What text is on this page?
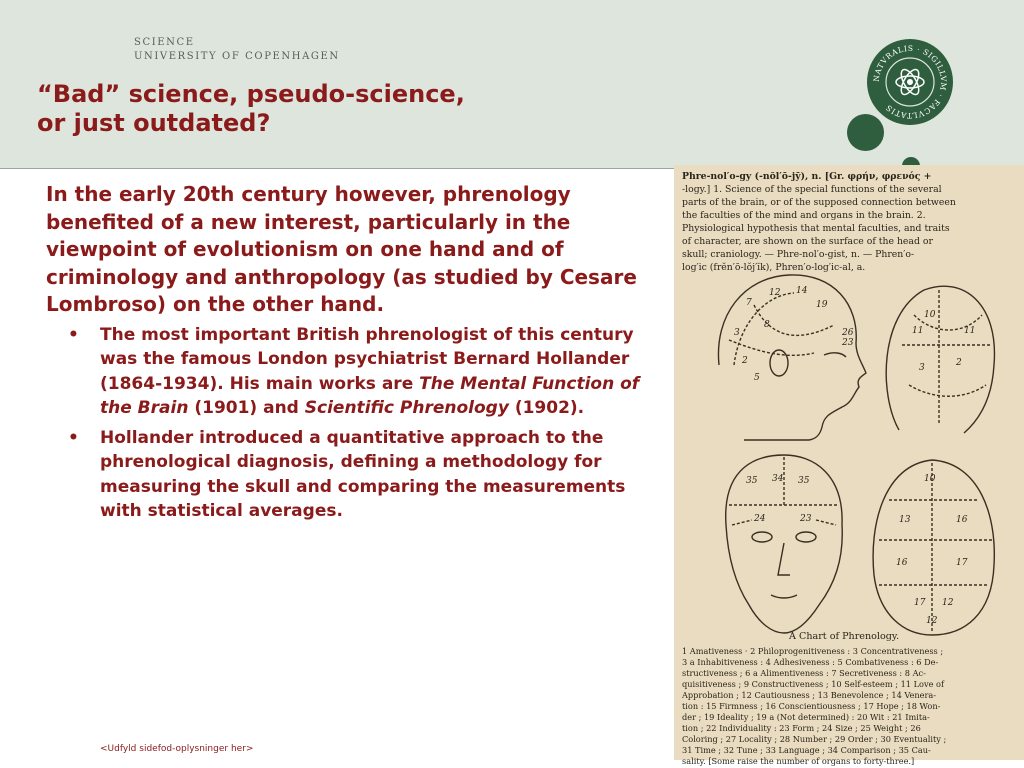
SCIENCE
UNIVERSITY OF COPENHAGEN
“Bad” science, pseudo-science,
or just outdated?
NATVRALIS · SIGILLVM · FACVLTATIS

In the early 20th century however, phrenology benefited of a new interest, particularly in the viewpoint of evolutionism on one hand and of criminology and anthropology (as studied by Cesare Lombroso) on the other hand.

• The most important British phrenologist of this century was the famous London psychiatrist Bernard Hollander (1864-1934). His main works are The Mental Function of the Brain (1901) and Scientific Phrenology (1902).
• Hollander introduced a quantitative approach to the phrenological diagnosis, defining a methodology for measuring the skull and comparing the measurements with statistical averages.
Phre-nol′o-gy (-nŏl′ō-jȳ), n. [Gr. φρήν, φρενός +
-logy.] 1. Science of the special functions of the several
parts of the brain, or of the supposed connection between
the faculties of the mind and organs in the brain. 2.
Physiological hypothesis that mental faculties, and traits
of character, are shown on the surface of the head or
skull; craniology. — Phre-nol′o-gist, n. — Phren′o-
log′ic (frĕn′ō-lŏj′ĭk), Phren′o-log′ic-al, a.
7
12 14
19
3
8
2
5
26
23
11
10
11
3	2
35 34 35
24	23
10
13	16
16	17
17 12
12
A Chart of Phrenology.
1 Amativeness · 2 Philoprogenitiveness : 3 Concentrativeness ;
3 a Inhabitiveness : 4 Adhesiveness : 5 Combativeness : 6 De-
structiveness ; 6 a Alimentiveness : 7 Secretiveness : 8 Ac-
quisitiveness ; 9 Constructiveness ; 10 Self-esteem ; 11 Love of
Approbation ; 12 Cautiousness ; 13 Benevolence ; 14 Venera-
tion : 15 Firmness ; 16 Conscientiousness ; 17 Hope ; 18 Won-
der ; 19 Ideality ; 19 a (Not determined) : 20 Wit : 21 Imita-
tion ; 22 Individuality : 23 Form ; 24 Size ; 25 Weight ; 26
Coloring ; 27 Locality ; 28 Number ; 29 Order ; 30 Eventuality ;
31 Time ; 32 Tune ; 33 Language ; 34 Comparison ; 35 Cau-
sality. [Some raise the number of organs to forty-three.]
<Udfyld sidefod-oplysninger her>
